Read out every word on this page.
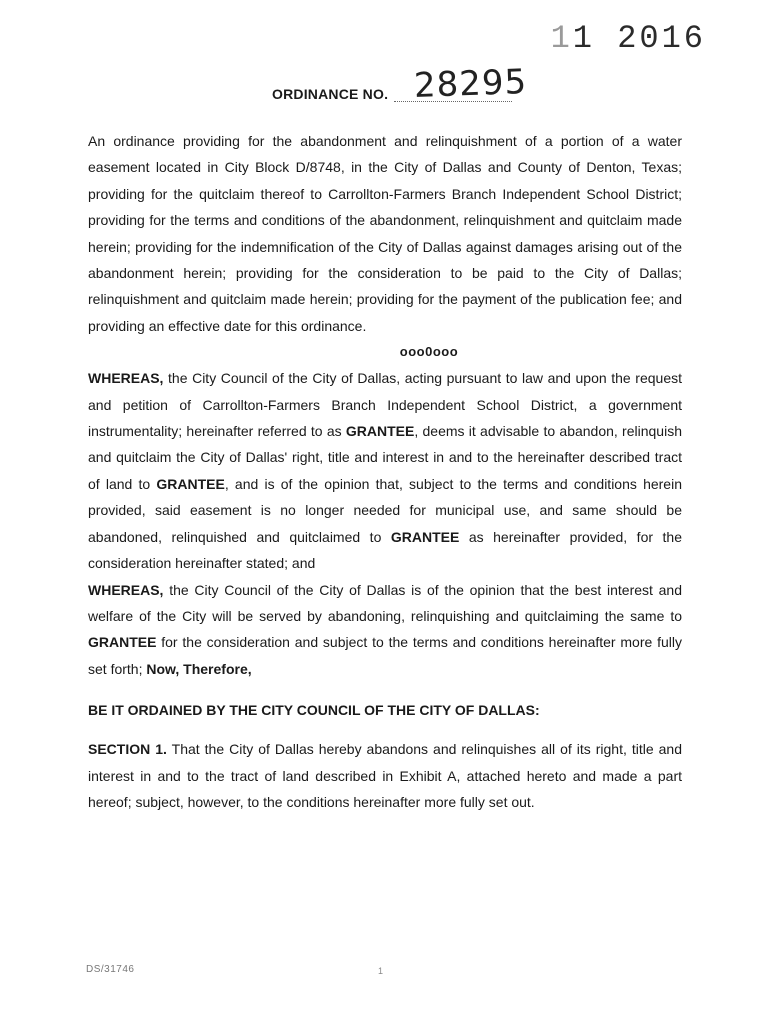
11 2016
ORDINANCE NO. 28295

An ordinance providing for the abandonment and relinquishment of a portion of a water easement located in City Block D/8748, in the City of Dallas and County of Denton, Texas; providing for the quitclaim thereof to Carrollton-Farmers Branch Independent School District; providing for the terms and conditions of the abandonment, relinquishment and quitclaim made herein; providing for the indemnification of the City of Dallas against damages arising out of the abandonment herein; providing for the consideration to be paid to the City of Dallas; relinquishment and quitclaim made herein; providing for the payment of the publication fee; and providing an effective date for this ordinance.

ooo0ooo

WHEREAS, the City Council of the City of Dallas, acting pursuant to law and upon the request and petition of Carrollton-Farmers Branch Independent School District, a government instrumentality; hereinafter referred to as GRANTEE, deems it advisable to abandon, relinquish and quitclaim the City of Dallas' right, title and interest in and to the hereinafter described tract of land to GRANTEE, and is of the opinion that, subject to the terms and conditions herein provided, said easement is no longer needed for municipal use, and same should be abandoned, relinquished and quitclaimed to GRANTEE as hereinafter provided, for the consideration hereinafter stated; and

WHEREAS, the City Council of the City of Dallas is of the opinion that the best interest and welfare of the City will be served by abandoning, relinquishing and quitclaiming the same to GRANTEE for the consideration and subject to the terms and conditions hereinafter more fully set forth; Now, Therefore,

BE IT ORDAINED BY THE CITY COUNCIL OF THE CITY OF DALLAS:

SECTION 1. That the City of Dallas hereby abandons and relinquishes all of its right, title and interest in and to the tract of land described in Exhibit A, attached hereto and made a part hereof; subject, however, to the conditions hereinafter more fully set out.

DS/31746	1
